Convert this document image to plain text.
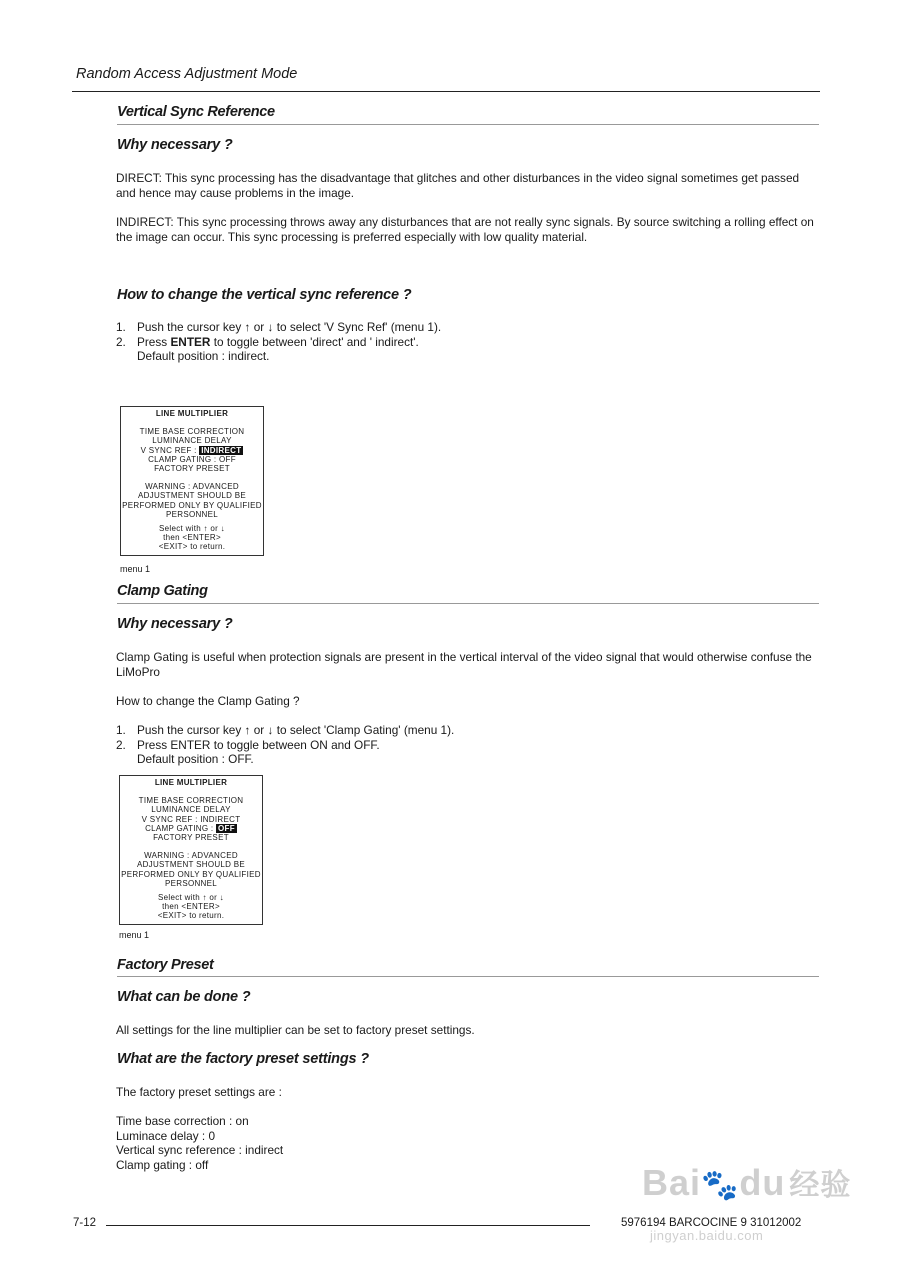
Random Access Adjustment Mode
Vertical Sync Reference
Why necessary ?
DIRECT: This sync processing has the disadvantage that glitches and other disturbances in the video signal sometimes get passed and hence may cause problems in the image.
INDIRECT: This sync processing throws away any disturbances that are not really sync signals. By source switching a rolling effect on the image can occur. This sync processing is preferred especially with low quality material.
How to change the vertical sync reference ?
1. Push the cursor key ↑ or ↓ to select 'V Sync Ref' (menu 1).
2. Press ENTER to toggle between 'direct' and ' indirect'.
Default position : indirect.
LINE MULTIPLIER
TIME BASE CORRECTION
LUMINANCE DELAY
V SYNC REF : INDIRECT
CLAMP GATING : OFF
FACTORY PRESET
WARNING : ADVANCED
ADJUSTMENT SHOULD BE
PERFORMED ONLY BY QUALIFIED
PERSONNEL
Select with ↑ or ↓
then <ENTER>
<EXIT> to return.
menu 1
Clamp Gating
Why necessary ?
Clamp Gating is useful when protection signals are present in the vertical interval of the video signal that would otherwise confuse the LiMoPro
How to change the Clamp Gating ?
1. Push the cursor key ↑ or ↓ to select 'Clamp Gating' (menu 1).
2. Press ENTER to toggle between ON and OFF.
Default position : OFF.
LINE MULTIPLIER
TIME BASE CORRECTION
LUMINANCE DELAY
V SYNC REF : INDIRECT
CLAMP GATING : OFF
FACTORY PRESET
WARNING : ADVANCED
ADJUSTMENT SHOULD BE
PERFORMED ONLY BY QUALIFIED
PERSONNEL
Select with ↑ or ↓
then <ENTER>
<EXIT> to return.
menu 1
Factory Preset
What can be done ?
All settings for the line multiplier can be set to factory preset settings.
What are the factory preset settings ?
The factory preset settings are :
Time base correction : on
Luminace delay : 0
Vertical sync reference : indirect
Clamp gating : off	Bai🐾du 经验
jingyan.baidu.com
7-12	5976194 BARCOCINE 9 31012002
